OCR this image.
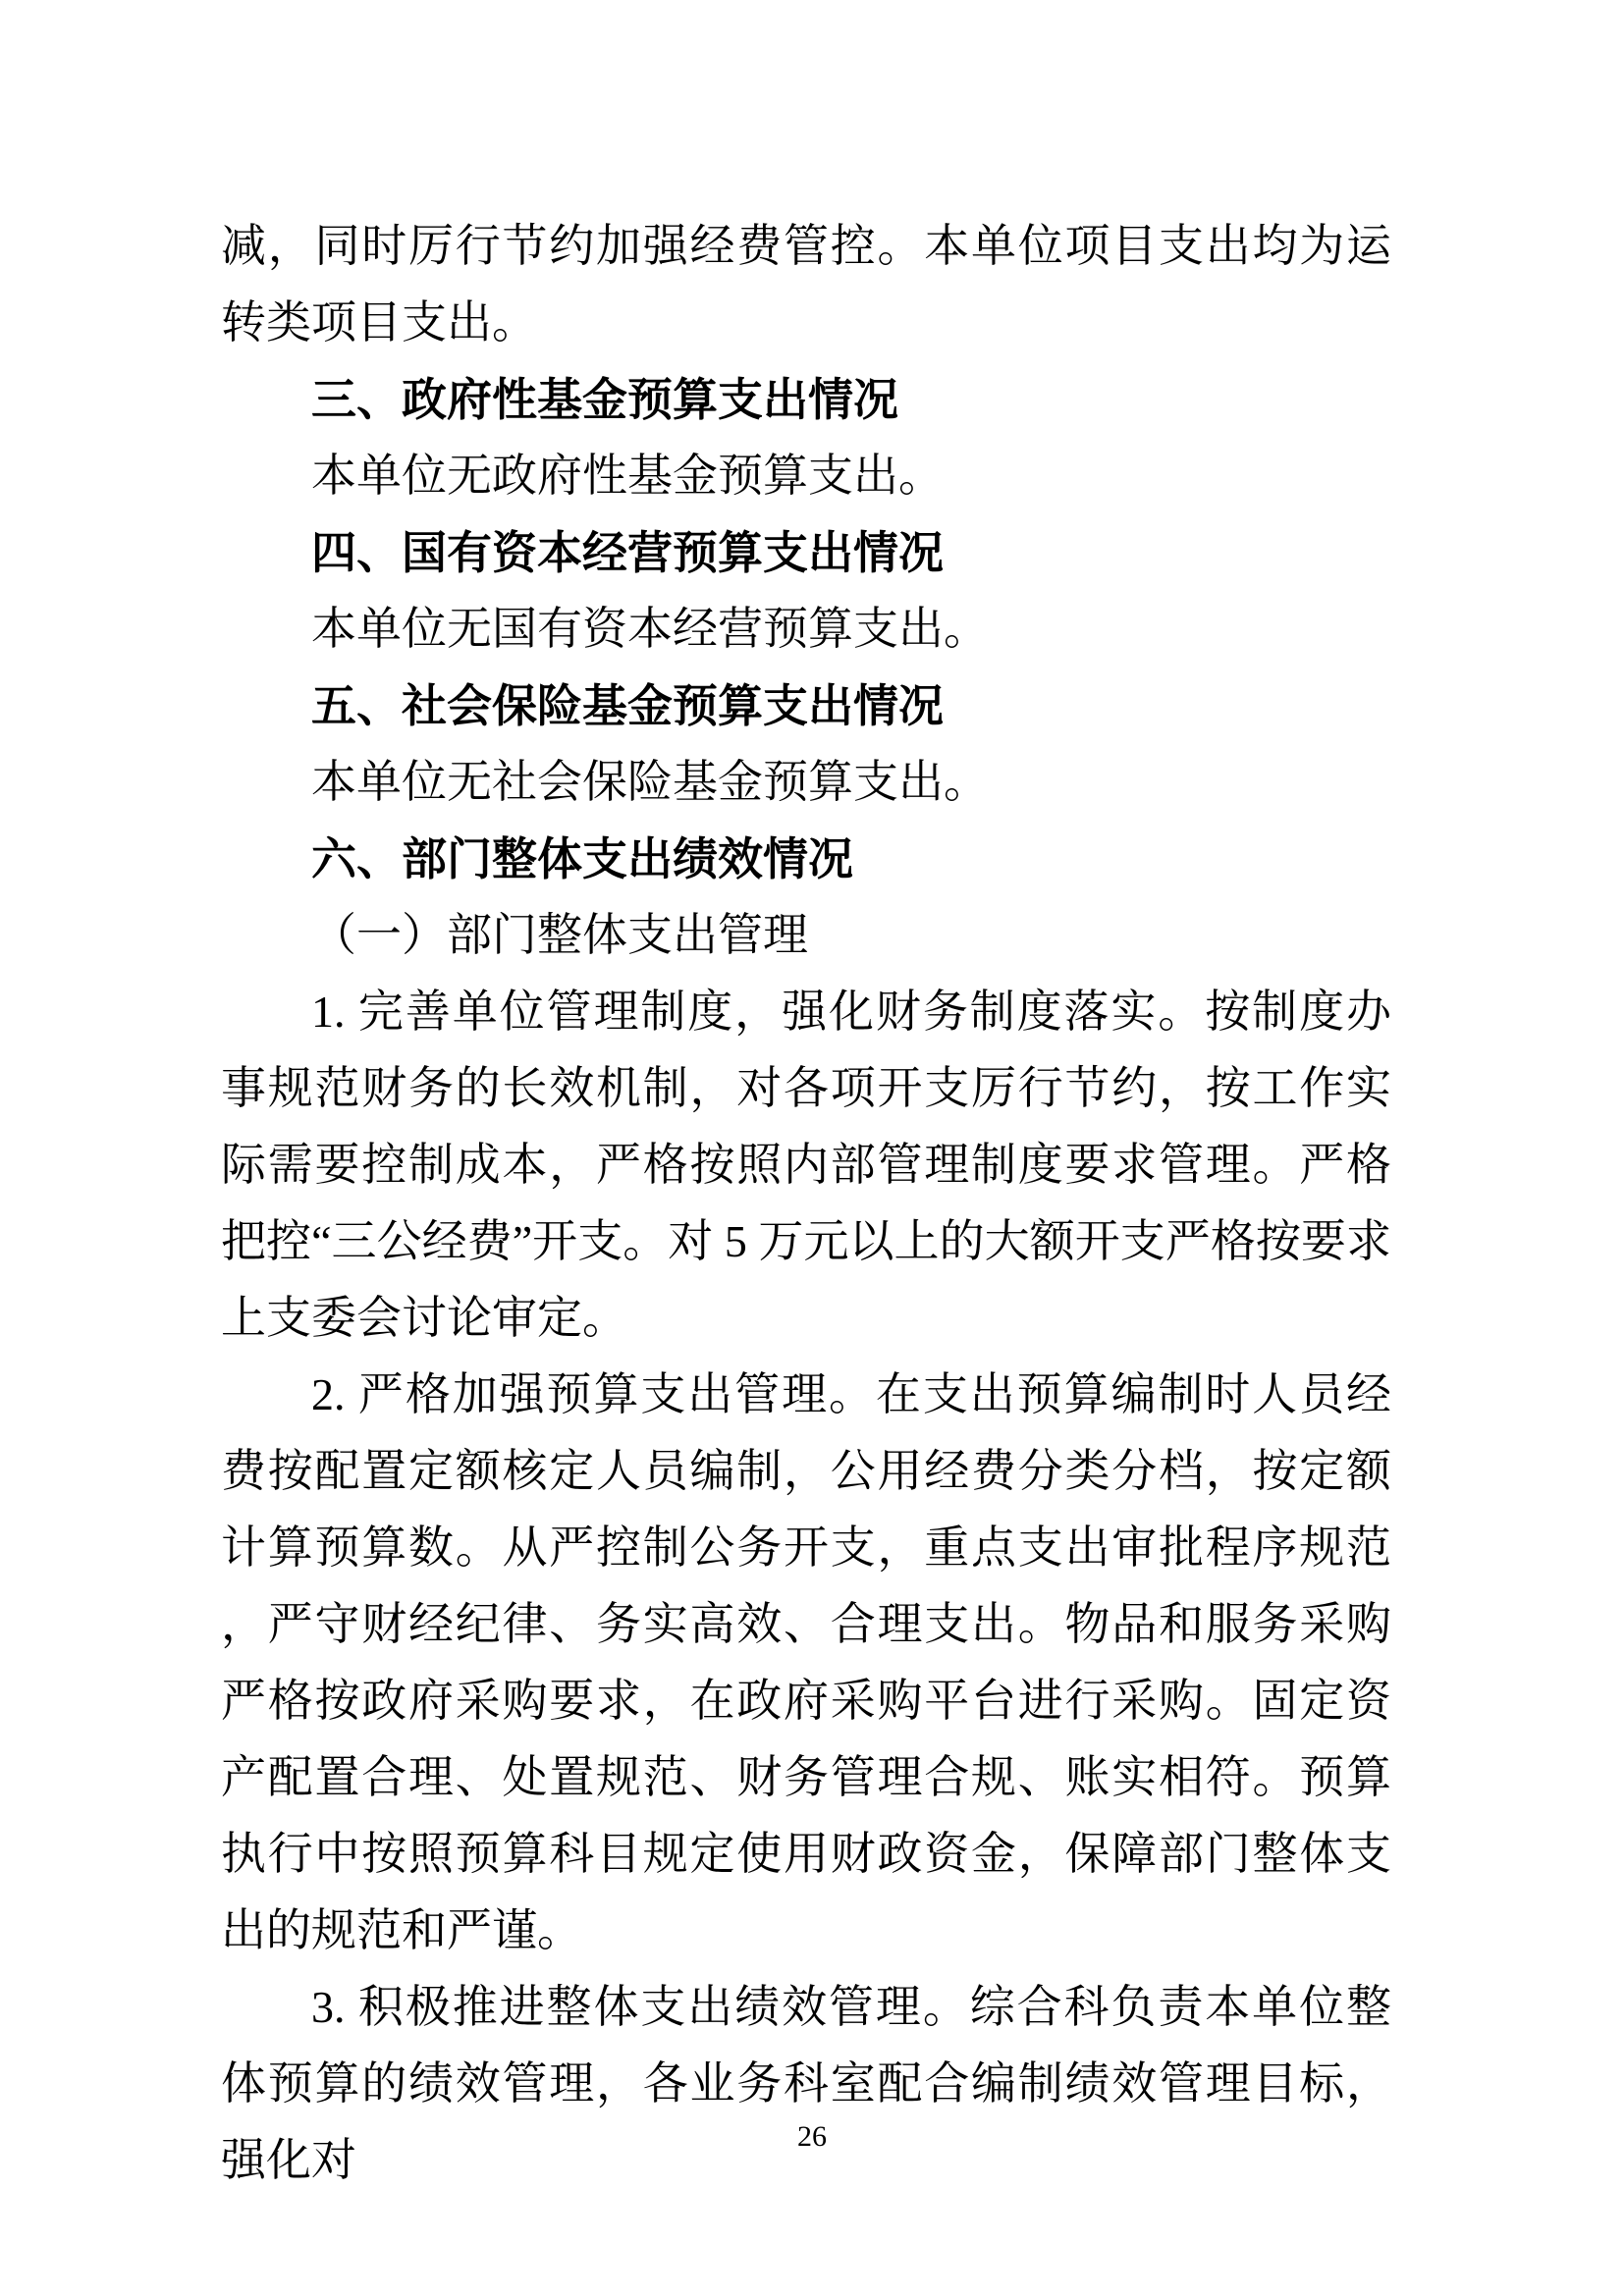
减，同时厉行节约加强经费管控。本单位项目支出均为运转类项目支出。

三、政府性基金预算支出情况

本单位无政府性基金预算支出。

四、国有资本经营预算支出情况

本单位无国有资本经营预算支出。

五、社会保险基金预算支出情况

本单位无社会保险基金预算支出。

六、部门整体支出绩效情况

（一）部门整体支出管理

1. 完善单位管理制度，强化财务制度落实。按制度办事规范财务的长效机制，对各项开支厉行节约，按工作实际需要控制成本，严格按照内部管理制度要求管理。严格把控“三公经费”开支。对 5 万元以上的大额开支严格按要求上支委会讨论审定。

2. 严格加强预算支出管理。在支出预算编制时人员经费按配置定额核定人员编制，公用经费分类分档，按定额计算预算数。从严控制公务开支，重点支出审批程序规范，严守财经纪律、务实高效、合理支出。物品和服务采购严格按政府采购要求，在政府采购平台进行采购。固定资产配置合理、处置规范、财务管理合规、账实相符。预算执行中按照预算科目规定使用财政资金，保障部门整体支出的规范和严谨。

3. 积极推进整体支出绩效管理。综合科负责本单位整体预算的绩效管理，各业务科室配合编制绩效管理目标，强化对	26
